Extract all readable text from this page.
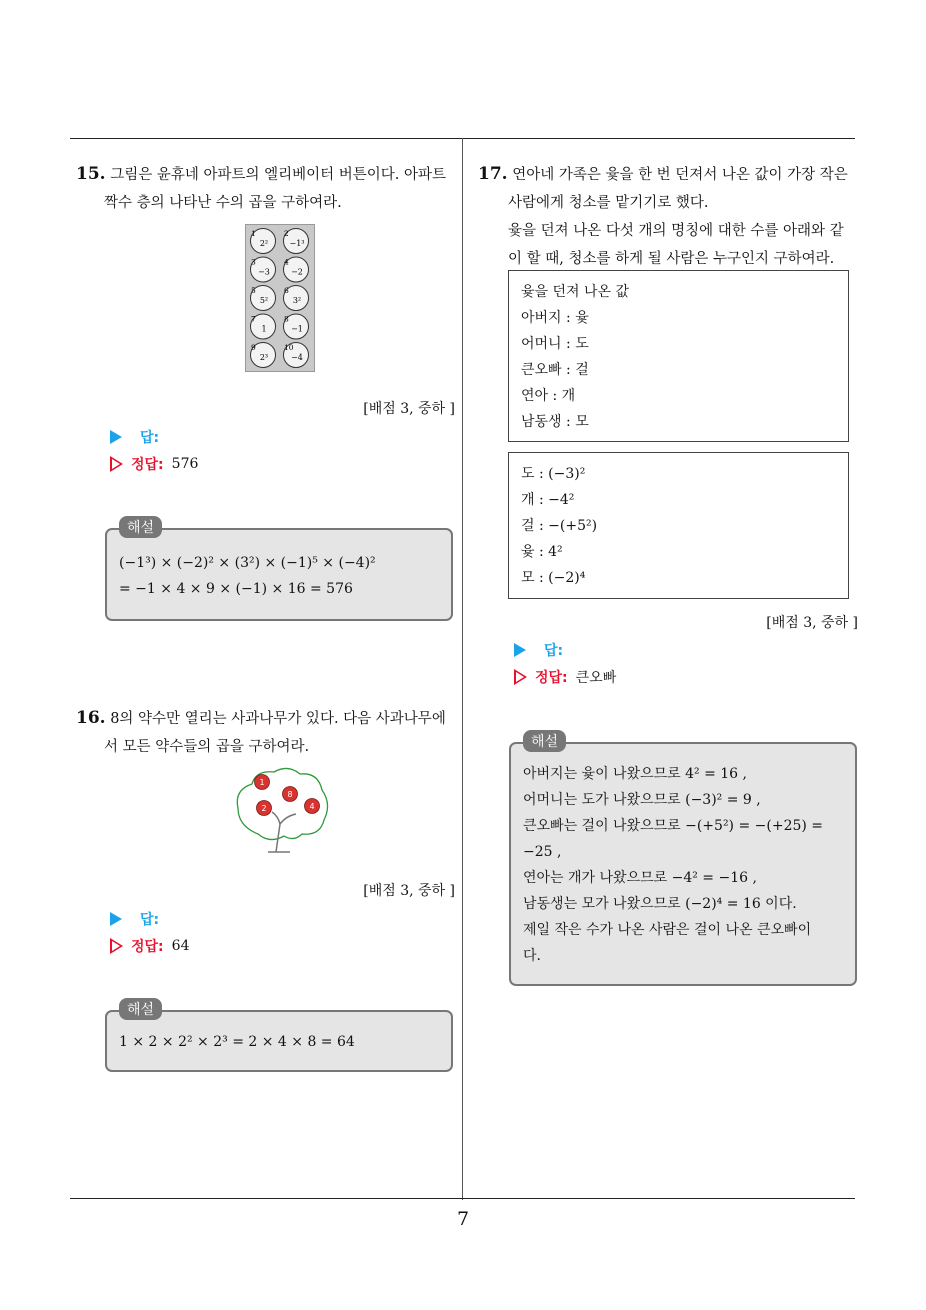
7
15. 그림은 윤휴네 아파트의 엘리베이터 버튼이다. 아파트
짝수 층의 나타난 수의 곱을 구하여라.
1
2²
2
−1³
3
−3
4
−2
5
5²
6
3²
7
1
8
−1
9
2³
10
−4
[배점 3, 중하 ]
답:
정답: 576
(−1³) × (−2)² × (3²) × (−1)⁵ × (−4)²
= −1 × 4 × 9 × (−1) × 16 = 576
해설
16. 8의 약수만 열리는 사과나무가 있다. 다음 사과나무에
서 모든 약수들의 곱을 구하여라.
1
8
2	4
[배점 3, 중하 ]
답:
정답: 64
1 × 2 × 2² × 2³ = 2 × 4 × 8 = 64
해설
17. 연아네 가족은 윷을 한 번 던져서 나온 값이 가장 작은
사람에게 청소를 맡기기로 했다.
윷을 던져 나온 다섯 개의 명칭에 대한 수를 아래와 같
이 할 때, 청소를 하게 될 사람은 누구인지 구하여라.
윷을 던져 나온 값
아버지 : 윷
어머니 : 도
큰오빠 : 걸
연아 : 개
남동생 : 모
도 : (−3)²
개 : −4²
걸 : −(+5²)
윷 : 4²
모 : (−2)⁴
[배점 3, 중하 ]
답:
정답: 큰오빠
아버지는 윷이 나왔으므로 4² = 16 ,
어머니는 도가 나왔으므로 (−3)² = 9 ,
큰오빠는 걸이 나왔으므로 −(+5²) = −(+25) =
−25 ,
연아는 개가 나왔으므로 −4² = −16 ,
남동생는 모가 나왔으므로 (−2)⁴ = 16 이다.
제일 작은 수가 나온 사람은 걸이 나온 큰오빠이
다.
해설
